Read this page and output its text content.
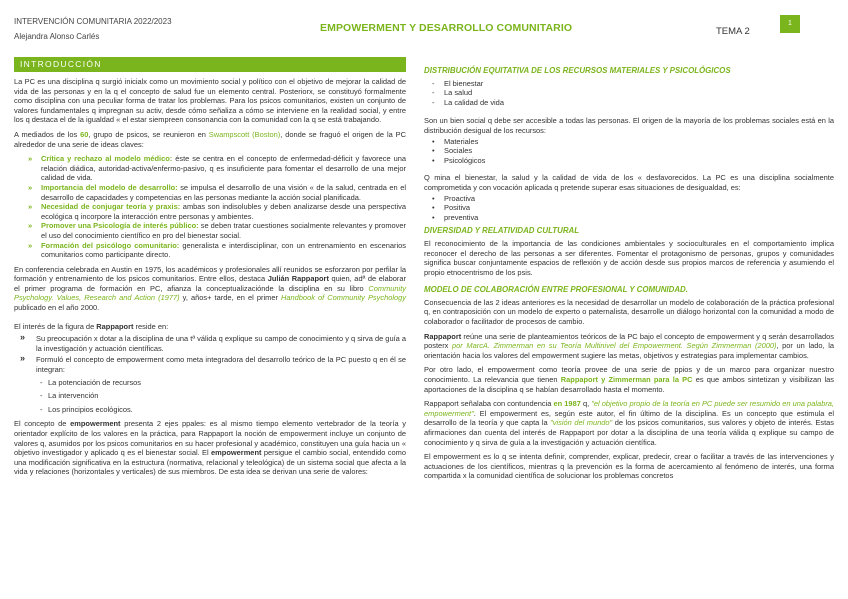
INTERVENCIÓN COMUNITARIA 2022/2023
Alejandra Alonso Carlés
EMPOWERMENT Y DESARROLLO COMUNITARIO	TEMA 2
1
INTRODUCCIÓN

La PC es una disciplina q surgió inicialx como un movimiento social y político con el objetivo de mejorar la calidad de vida de las personas y en la q el concepto de salud fue un elemento central. Posteriorx, se constituyó formalmente como disciplina con una peculiar forma de tratar los problemas. Para los psicos comunitarios, existen un conjunto de valores fundamentales q impregnan su activ, desde cómo señaliza a cómo se interviene en la realidad social, y entre los q destaca el de la igualdad « el estar siempreen consonancia con la comunidad con la q se está trabajando.

A mediados de los 60, grupo de psicos, se reunieron en Swampscott (Boston), donde se fraguó el origen de la PC alrededor de una serie de ideas claves:

» Crítica y rechazo al modelo médico: éste se centra en el concepto de enfermedad-déficit y favorece una relación diádica, autoridad-activa/enfermo-pasivo, q es insuficiente para fomentar el desarrollo de una mejor calidad de vida.
» Importancia del modelo de desarrollo: se impulsa el desarrollo de una visión « de la salud, centrada en el desarrollo de capacidades y competencias en las personas mediante la acción social planificada.
» Necesidad de conjugar teoría y praxis: ambas son indisolubles y deben analizarse desde una perspectiva ecológica q incorpore la interacción entre personas y ambientes.
» Promover una Psicología de interés público: se deben tratar cuestiones socialmente relevantes y promover el uso del conocimiento científico en pro del bienestar social.
» Formación del psicólogo comunitario: generalista e interdisciplinar, con un entrenamiento en escenarios comunitarios como participante directo.

En conferencia celebrada en Austin en 1975, los académicos y profesionales allí reunidos se esforzaron por perfilar la formación y entrenamiento de los psicos comunitarios. Entre ellos, destaca Julián Rappaport quien, adª de elaborar el primer programa de formación en PC, afianza la conceptualizaciónde la disciplina en su libro Community Psychology. Values, Research and Action (1977) y, años+ tarde, en el primer Handbook of Community Psychology publicado en el año 2000.

El interés de la figura de Rappaport reside en:

» Su preocupación x dotar a la disciplina de una tª válida q explique su campo de conocimiento y q sirva de guía a la investigación y actuación científicas.
» Formuló el concepto de empowerment como meta integradora del desarrollo teórico de la PC puesto q en él se integran:
- La potenciación de recursos
- La intervención
- Los principios ecológicos.

El concepto de empowerment presenta 2 ejes ppales: es al mismo tiempo elemento vertebrador de la teoría y orientador explícito de los valores en la práctica, para Rappaport la noción de empowerment incluye un conjunto de valores q, asumidos por los psicos comunitarios en su hacer profesional y académico, constituyen una guía hacia un « objetivo investigador y aplicado q es el bienestar social. El empowerment persigue el cambio social, entendido como una modificación significativa en la estructura (normativa, relacional y teleológica) de un sistema social que afecta a la vida y relaciones (horizontales y verticales) de sus miembros. De esta idea se derivan una serie de valores:

DISTRIBUCIÓN EQUITATIVA DE LOS RECURSOS MATERIALES Y PSICOLÓGICOS
- El bienestar
- La salud
- La calidad de vida

Son un bien social q debe ser accesible a todas las personas. El origen de la mayoría de los problemas sociales está en la distribución desigual de los recursos:

• Materiales
• Sociales
• Psicológicos

Q mina el bienestar, la salud y la calidad de vida de los « desfavorecidos. La PC es una disciplina socialmente comprometida y con vocación aplicada q pretende superar esas situaciones de desigualdad, es:

• Proactiva
• Positiva
• preventiva
DIVERSIDAD Y RELATIVIDAD CULTURAL

El reconocimiento de la importancia de las condiciones ambientales y socioculturales en el comportamiento implica reconocer el derecho de las personas a ser diferentes. Fomentar el protagonismo de personas, grupos y comunidades significa buscar conjuntamente espacios de reflexión y de acción desde sus propios marcos de referencia y asumiendo el propio etnocentrismo de los psis.

MODELO DE COLABORACIÓN ENTRE PROFESIONAL Y COMUNIDAD.

Consecuencia de las 2 ideas anteriores es la necesidad de desarrollar un modelo de colaboración de la práctica profesional q, en contraposición con un modelo de experto o paternalista, desarrolle un diálogo horizontal con la comunidad a modo de colaborador o facilitador de procesos de cambio.

Rappaport reúne una serie de planteamientos teóricos de la PC bajo el concepto de empowerment y q serán desarrollados posterx por MarcA. Zimmerman en su Teoría Multinivel del Empowerment. Según Zimmerman (2000), por un lado, la orientación hacia los valores del empowerment sugiere las metas, objetivos y estrategias para implementar cambios.

Por otro lado, el empowerment como teoría provee de una serie de ppios y de un marco para organizar nuestro conocimiento. La relevancia que tienen Rappaport y Zimmerman para la PC es que ambos sintetizan y visibilizan las aportaciones de la disciplina q se habían desarrollado hasta el momento.

Rappaport señalaba con contundencia en 1987 q, "el objetivo propio de la teoría en PC puede ser resumido en una palabra, empowerment". El empowerment es, según este autor, el fin último de la disciplina. Es un concepto que estimula el desarrollo de la teoría y que capta la "visión del mundo" de los psicos comunitarios, sus valores y objeto de interés. Estas afirmaciones dan cuenta del interés de Rappaport por dotar a la disciplina de una teoría válida q explique su campo de conocimiento y q sirva de guía a la investigación y actuación científica.

El empowerment es lo q se intenta definir, comprender, explicar, predecir, crear o facilitar a través de las intervenciones y actuaciones de los científicos, mientras q la prevención es la forma de acercamiento al fenómeno de interés, una forma compartida x la comunidad científica de solucionar los problemas concretos
